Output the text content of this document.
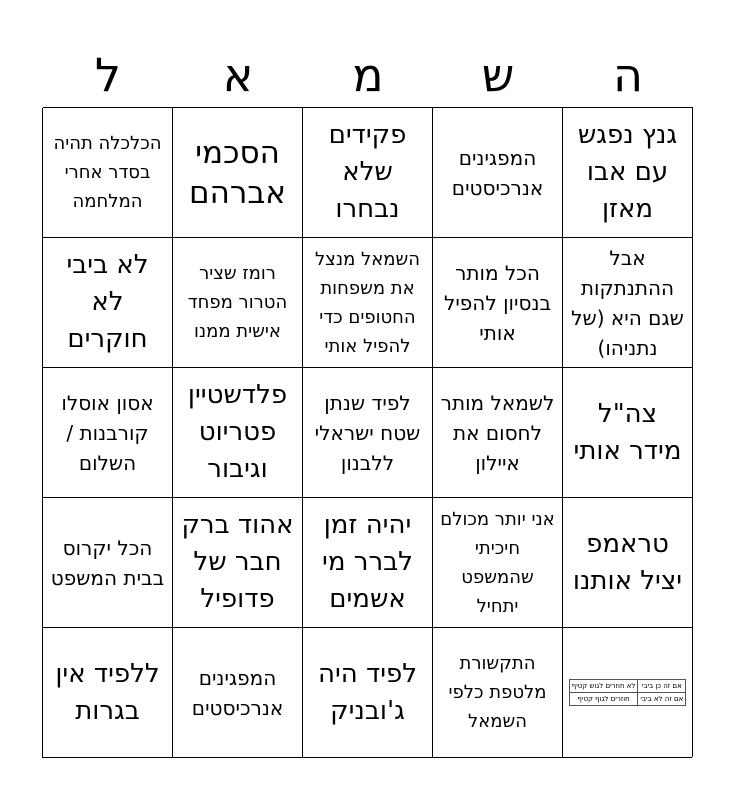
ה
ש
מ
א
ל
גנץ נפגש עם אבו מאזן
המפגינים אנרכיסטים
פקידים שלא נבחרו
הסכמי אברהם
הכלכלה תהיה בסדר אחרי המלחמה
אבל ההתנתקות שגם היא (של נתניהו)
הכל מותר בנסיון להפיל אותי
השמאל מנצל את משפחות החטופים כדי להפיל אותי
רומז שציר הטרור מפחד אישית ממנו
לא ביבי לא חוקרים
צה"ל מידר אותי
לשמאל מותר לחסום את איילון
לפיד שנתן שטח ישראלי ללבנון
פלדשטיין פטריוט וגיבור
אסון אוסלו קורבנות / השלום
טראמפ יציל אותנו
אני יותר מכולם חיכיתי שהמשפט יתחיל
יהיה זמן לברר מי אשמים
אהוד ברק חבר של פדופיל
הכל יקרוס בבית המשפט
אם זה כן ביבי	לא חוזרים לגוש קטיף
אם זה לא ביבי	חוזרים לגוף קטיף
התקשורת מלטפת כלפי השמאל
לפיד היה ג'ובניק
המפגינים אנרכיסטים
ללפיד אין בגרות
